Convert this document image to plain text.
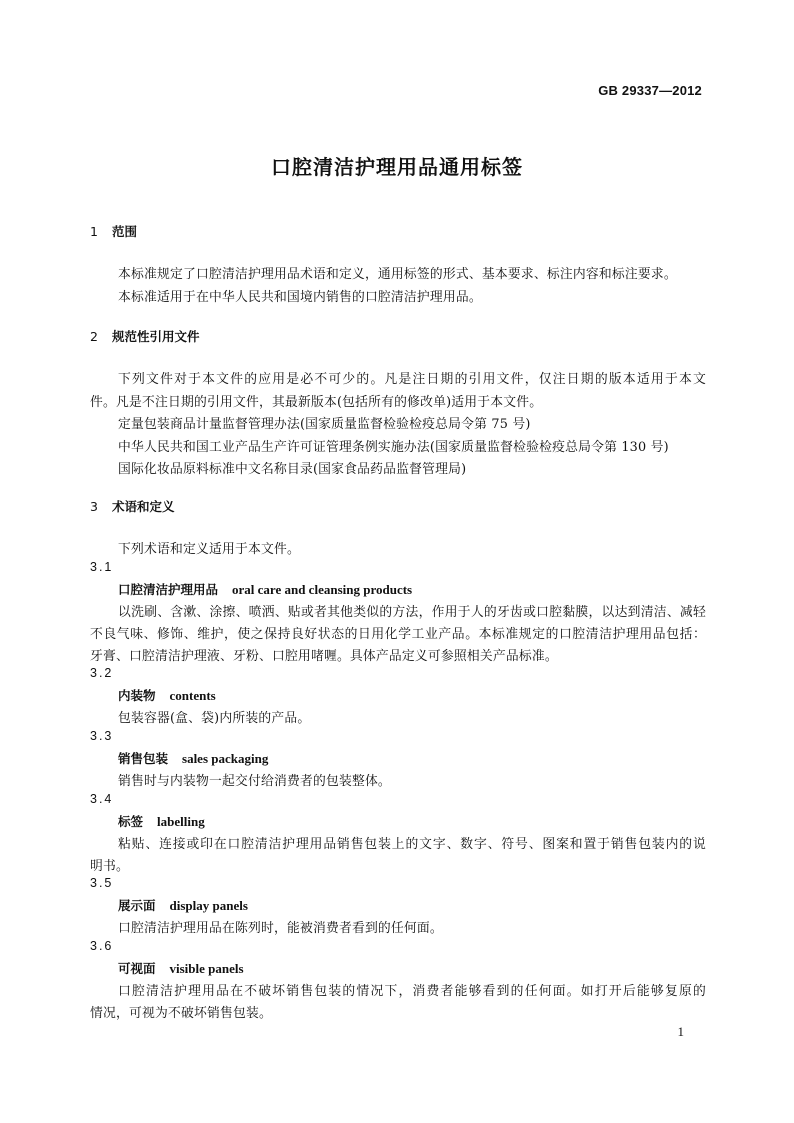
GB 29337—2012
口腔清洁护理用品通用标签
1 范围
本标准规定了口腔清洁护理用品术语和定义，通用标签的形式、基本要求、标注内容和标注要求。
本标准适用于在中华人民共和国境内销售的口腔清洁护理用品。
2 规范性引用文件
下列文件对于本文件的应用是必不可少的。凡是注日期的引用文件，仅注日期的版本适用于本文
件。凡是不注日期的引用文件，其最新版本(包括所有的修改单)适用于本文件。
定量包装商品计量监督管理办法(国家质量监督检验检疫总局令第 75 号)
中华人民共和国工业产品生产许可证管理条例实施办法(国家质量监督检验检疫总局令第 130 号)
国际化妆品原料标准中文名称目录(国家食品药品监督管理局)
3 术语和定义
下列术语和定义适用于本文件。
3.1
口腔清洁护理用品 oral care and cleansing products
以洗刷、含漱、涂擦、喷洒、贴或者其他类似的方法，作用于人的牙齿或口腔黏膜，以达到清洁、减轻
不良气味、修饰、维护，使之保持良好状态的日用化学工业产品。本标准规定的口腔清洁护理用品包括：
牙膏、口腔清洁护理液、牙粉、口腔用啫喱。具体产品定义可参照相关产品标准。
3.2
内装物 contents
包装容器(盒、袋)内所装的产品。
3.3
销售包装 sales packaging
销售时与内装物一起交付给消费者的包装整体。
3.4
标签 labelling
粘贴、连接或印在口腔清洁护理用品销售包装上的文字、数字、符号、图案和置于销售包装内的说
明书。
3.5
展示面 display panels
口腔清洁护理用品在陈列时，能被消费者看到的任何面。
3.6
可视面 visible panels
口腔清洁护理用品在不破坏销售包装的情况下，消费者能够看到的任何面。如打开后能够复原的
情况，可视为不破坏销售包装。
1
